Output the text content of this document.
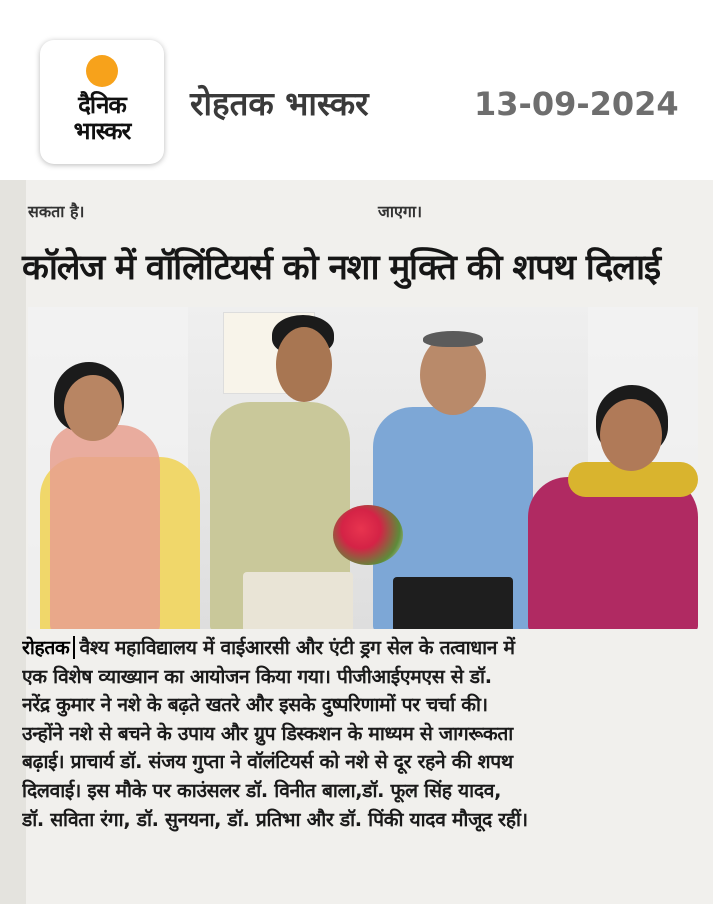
दैनिक
भास्कर
रोहतक भास्कर	13-09-2024
सकता है।	जाएगा।
कॉलेज में वॉलिंटियर्स को नशा मुक्ति की शपथ दिलाई
रोहतक वैश्य महाविद्यालय में वाईआरसी और एंटी ड्रग सेल के तत्वाधान में
एक विशेष व्याख्यान का आयोजन किया गया। पीजीआईएमएस से डॉ.
नरेंद्र कुमार ने नशे के बढ़ते खतरे और इसके दुष्परिणामों पर चर्चा की।
उन्होंने नशे से बचने के उपाय और ग्रुप डिस्कशन के माध्यम से जागरूकता
बढ़ाई। प्राचार्य डॉ. संजय गुप्ता ने वॉलंटियर्स को नशे से दूर रहने की शपथ
दिलवाई। इस मौके पर काउंसलर डॉ. विनीत बाला,डॉ. फूल सिंह यादव,
डॉ. सविता रंगा, डॉ. सुनयना, डॉ. प्रतिभा और डॉ. पिंकी यादव मौजूद रहीं।
